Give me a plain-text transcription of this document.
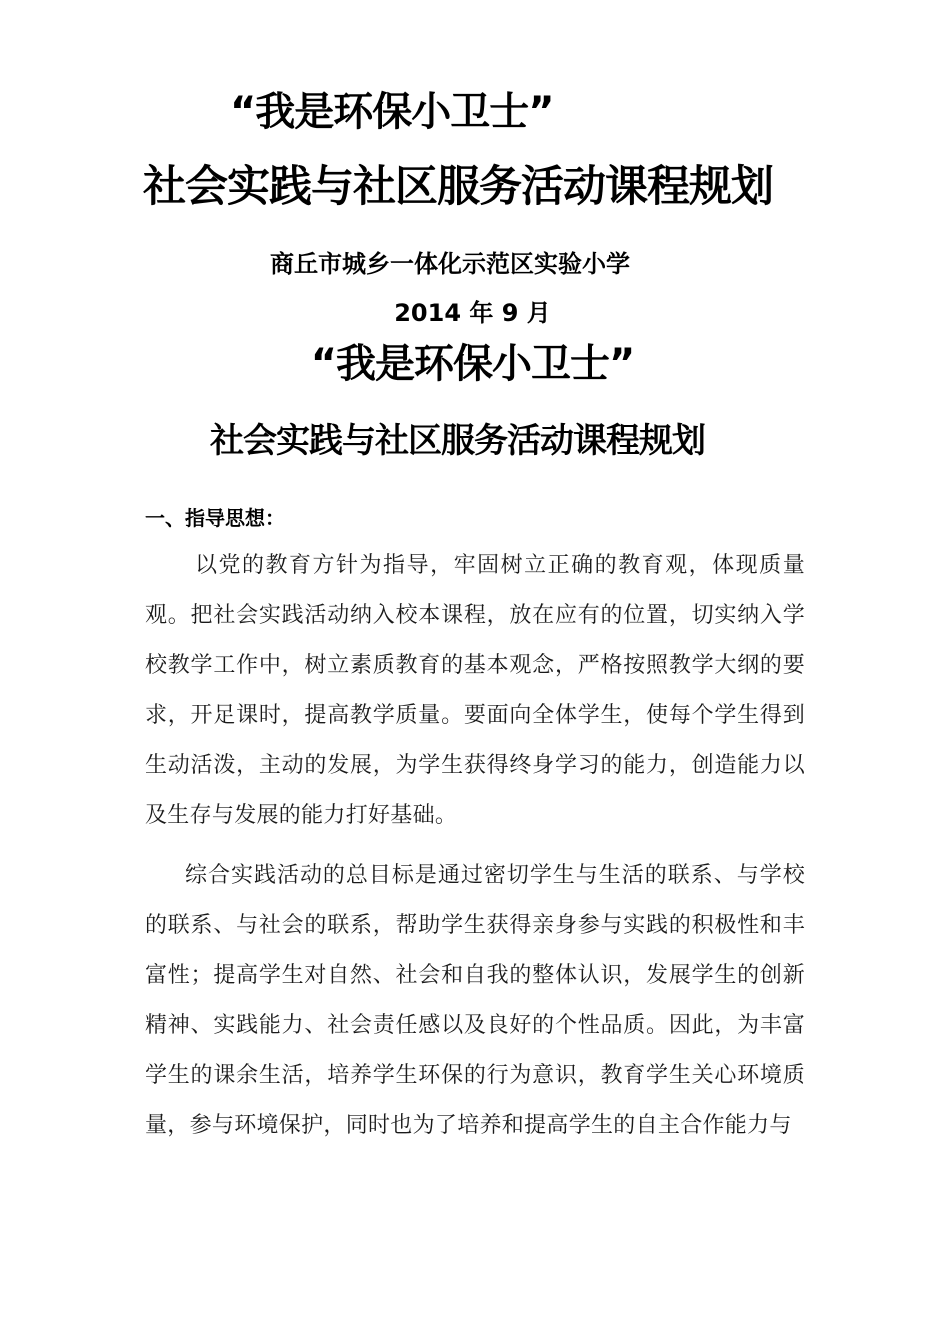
“我是环保小卫士”
社会实践与社区服务活动课程规划
商丘市城乡一体化示范区实验小学
2014 年 9 月
“我是环保小卫士”
社会实践与社区服务活动课程规划
一、指导思想：

以党的教育方针为指导，牢固树立正确的教育观，体现质量观。把社会实践活动纳入校本课程，放在应有的位置，切实纳入学校教学工作中，树立素质教育的基本观念，严格按照教学大纲的要求，开足课时，提高教学质量。要面向全体学生，使每个学生得到生动活泼，主动的发展，为学生获得终身学习的能力，创造能力以及生存与发展的能力打好基础。

综合实践活动的总目标是通过密切学生与生活的联系、与学校的联系、与社会的联系，帮助学生获得亲身参与实践的积极性和丰富性；提高学生对自然、社会和自我的整体认识，发展学生的创新精神、实践能力、社会责任感以及良好的个性品质。因此，为丰富学生的课余生活，培养学生环保的行为意识，教育学生关心环境质量，参与环境保护，同时也为了培养和提高学生的自主合作能力与
